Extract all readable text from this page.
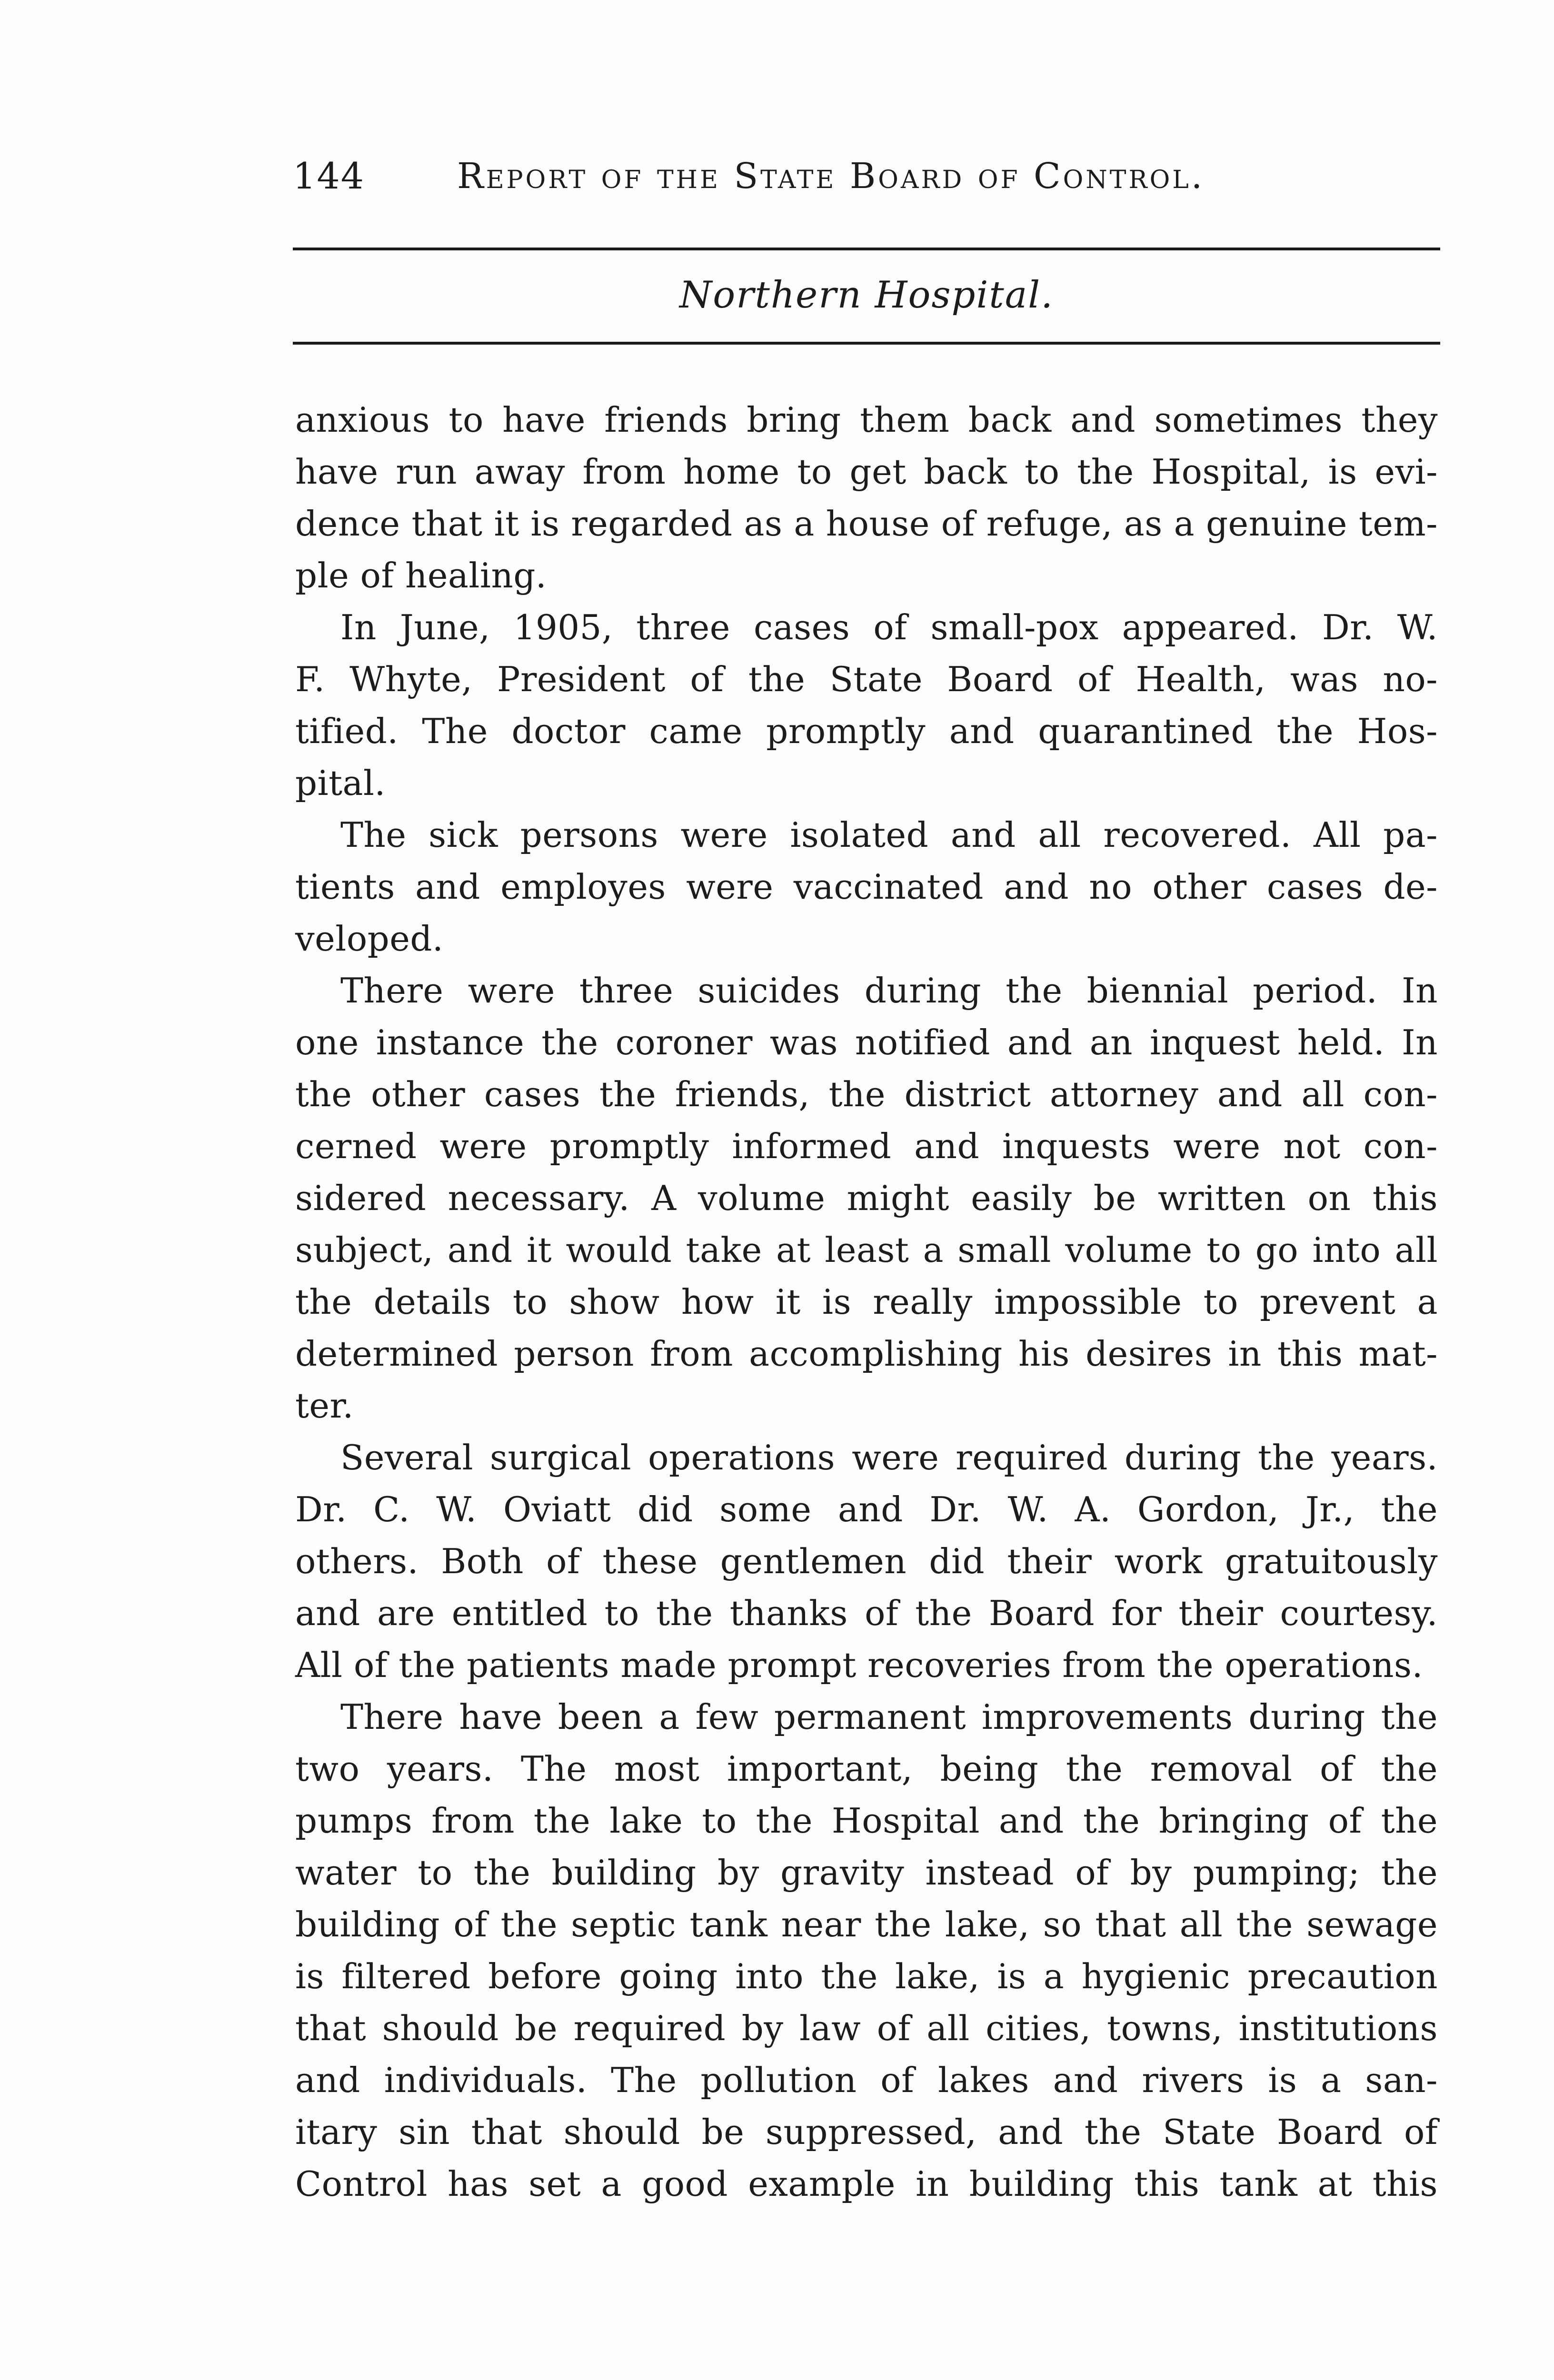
144	Report of the State Board of Control.
Northern Hospital.
anxious to have friends bring them back and sometimes they
have run away from home to get back to the Hospital, is evi-
dence that it is regarded as a house of refuge, as a genuine tem-
ple of healing.
In June, 1905, three cases of small-pox appeared. Dr. W.
F. Whyte, President of the State Board of Health, was no-
tified. The doctor came promptly and quarantined the Hos-
pital.
The sick persons were isolated and all recovered. All pa-
tients and employes were vaccinated and no other cases de-
veloped.
There were three suicides during the biennial period. In
one instance the coroner was notified and an inquest held. In
the other cases the friends, the district attorney and all con-
cerned were promptly informed and inquests were not con-
sidered necessary. A volume might easily be written on this
subject, and it would take at least a small volume to go into all
the details to show how it is really impossible to prevent a
determined person from accomplishing his desires in this mat-
ter.
Several surgical operations were required during the years.
Dr. C. W. Oviatt did some and Dr. W. A. Gordon, Jr., the
others. Both of these gentlemen did their work gratuitously
and are entitled to the thanks of the Board for their courtesy.
All of the patients made prompt recoveries from the operations.
There have been a few permanent improvements during the
two years. The most important, being the removal of the
pumps from the lake to the Hospital and the bringing of the
water to the building by gravity instead of by pumping; the
building of the septic tank near the lake, so that all the sewage
is filtered before going into the lake, is a hygienic precaution
that should be required by law of all cities, towns, institutions
and individuals. The pollution of lakes and rivers is a san-
itary sin that should be suppressed, and the State Board of
Control has set a good example in building this tank at this
